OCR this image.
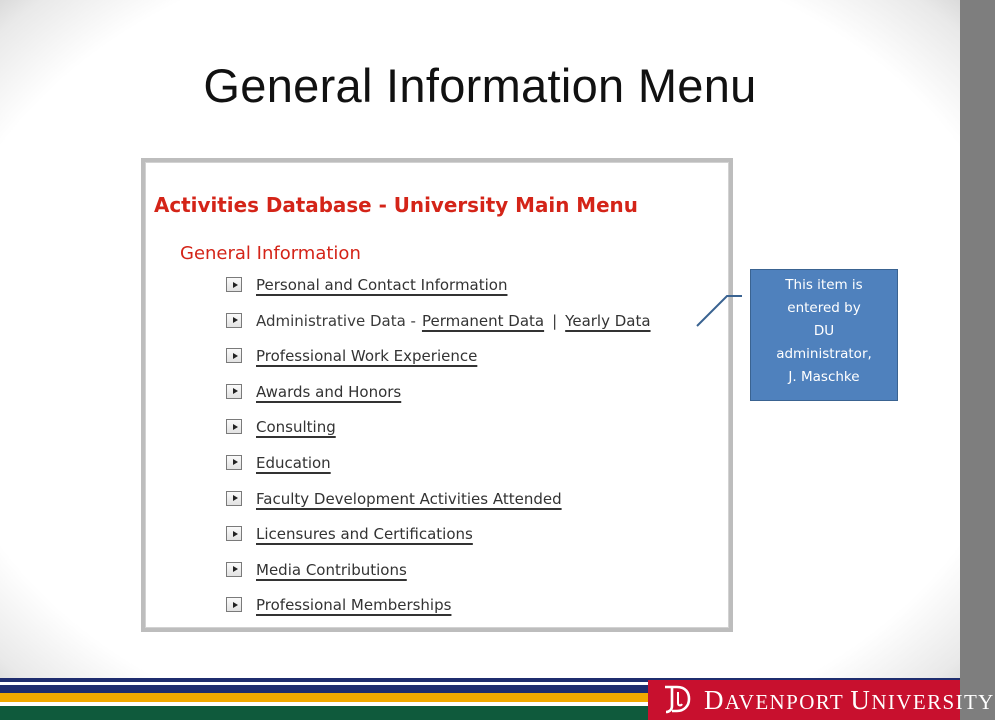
General Information Menu
Activities Database - University Main Menu
General Information
Personal and Contact Information
Administrative Data - Permanent Data | Yearly Data
Professional Work Experience
Awards and Honors
Consulting
Education
Faculty Development Activities Attended
Licensures and Certifications
Media Contributions
Professional Memberships
This item is
entered by
DU
administrator,
J. Maschke
DAVENPORT UNIVERSITY
